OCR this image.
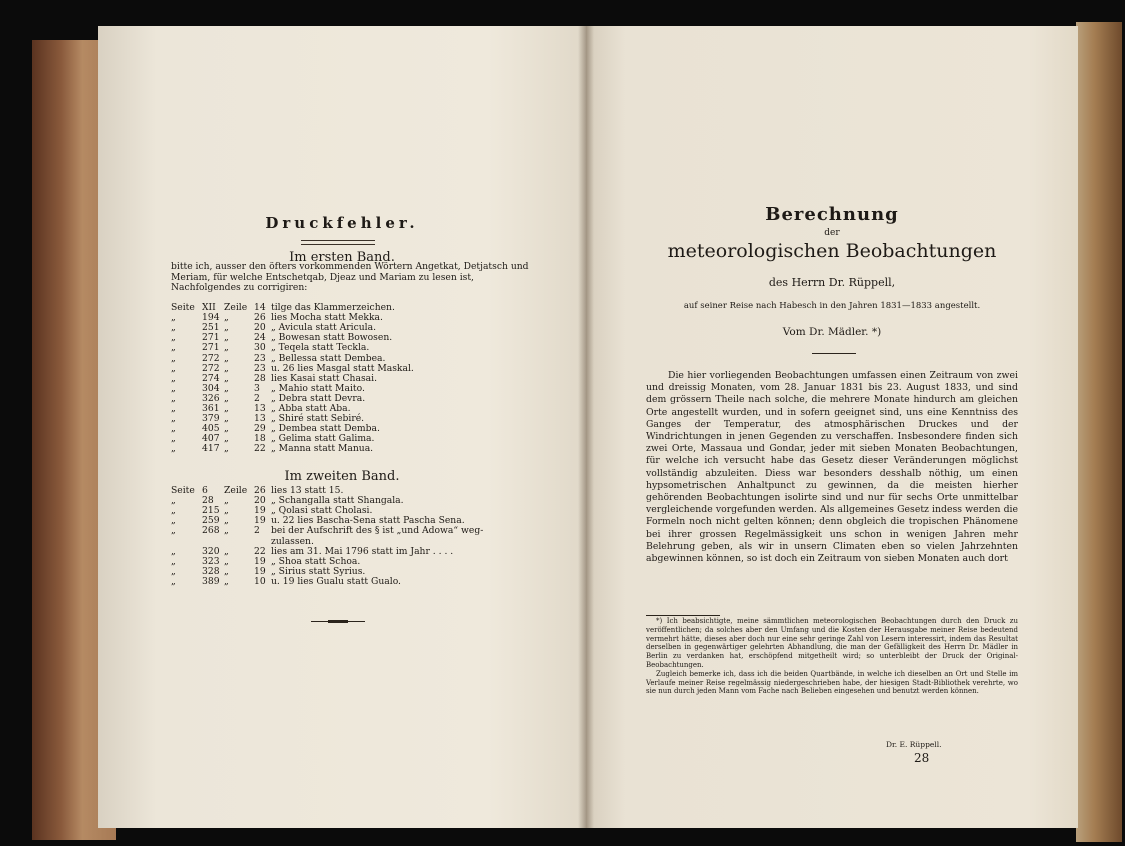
Druckfehler.
Im ersten Band.
bitte ich, ausser den öfters vorkommenden Wörtern Angetkat, Detjatsch und Meriam, für welche Entschetqab, Djeaz und Mariam zu lesen ist, Nachfolgendes zu corrigiren:
Seite XII Zeile 14 tilge das Klammerzeichen.
„	194 „	26 lies Mocha statt Mekka.
„	251 „	20 „ Avicula statt Aricula.
„	271 „	24 „ Bowesan statt Bowosen.
„	271 „	30 „ Teqela statt Teckla.
„	272 „	23 „ Bellessa statt Dembea.
„	272 „	23 u. 26 lies Masgal statt Maskal.
„	274 „	28 lies Kasai statt Chasai.
„	304 „	3 „ Mahio statt Maito.
„	326 „	2 „ Debra statt Devra.
„	361 „	13 „ Abba statt Aba.
„	379 „	13 „ Shiré statt Sebiré.
„	405 „	29 „ Dembea statt Demba.
„	407 „	18 „ Gelima statt Galima.
„	417 „	22 „ Manna statt Manua.
Im zweiten Band.
Seite 6 Zeile 26 lies 13 statt 15.
„	28 „	20 „ Schangalla statt Shangala.
„	215 „	19 „ Qolasi statt Cholasi.
„	259 „	19 u. 22 lies Bascha-Sena statt Pascha Sena.
„	268 „	2 bei der Aufschrift des § ist „und Adowa“ weg-
zulassen.
„	320 „	22 lies am 31. Mai 1796 statt im Jahr . . . .
„	323 „	19 „ Shoa statt Schoa.
„	328 „	19 „ Sirius statt Syrius.
„	389 „	10 u. 19 lies Gualu statt Gualo.
Berechnung
der
meteorologischen Beobachtungen
des Herrn Dr. Rüppell,
auf seiner Reise nach Habesch in den Jahren 1831—1833 angestellt.
Vom Dr. Mädler. *)

Die hier vorliegenden Beobachtungen umfassen einen Zeitraum von zwei und dreissig Monaten, vom 28. Januar 1831 bis 23. August 1833, und sind dem grössern Theile nach solche, die mehrere Monate hindurch am gleichen Orte angestellt wurden, und in sofern geeignet sind, uns eine Kenntniss des Ganges der Temperatur, des atmosphärischen Druckes und der Windrichtungen in jenen Gegenden zu verschaffen. Insbesondere finden sich zwei Orte, Massaua und Gondar, jeder mit sieben Monaten Beobachtungen, für welche ich versucht habe das Gesetz dieser Veränderungen möglichst vollständig abzuleiten. Diess war besonders desshalb nöthig, um einen hypsometrischen Anhaltpunct zu gewinnen, da die meisten hierher gehörenden Beobachtungen isolirte sind und nur für sechs Orte unmittelbar vergleichende vorgefunden werden. Als allgemeines Gesetz indess werden die Formeln noch nicht gelten können; denn obgleich die tropischen Phänomene bei ihrer grossen Regelmässigkeit uns schon in wenigen Jahren mehr Belehrung geben, als wir in unsern Climaten eben so vielen Jahrzehnten abgewinnen können, so ist doch ein Zeitraum von sieben Monaten auch dort

*) Ich beabsichtigte, meine sämmtlichen meteorologischen Beobachtungen durch den Druck zu veröffentlichen; da solches aber den Umfang und die Kosten der Herausgabe meiner Reise bedeutend vermehrt hätte, dieses aber doch nur eine sehr geringe Zahl von Lesern interessirt, indem das Resultat derselben in gegenwärtiger gelehrten Abhandlung, die man der Gefälligkeit des Herrn Dr. Mädler in Berlin zu verdanken hat, erschöpfend mitgetheilt wird; so unterbleibt der Druck der Original-Beobachtungen.

Zugleich bemerke ich, dass ich die beiden Quartbände, in welche ich dieselben an Ort und Stelle im Verlaufe meiner Reise regelmässig niedergeschrieben habe, der hiesigen Stadt-Bibliothek verehrte, wo sie nun durch jeden Mann vom Fache nach Belieben eingesehen und benutzt werden können.

Dr. E. Rüppell.
28
